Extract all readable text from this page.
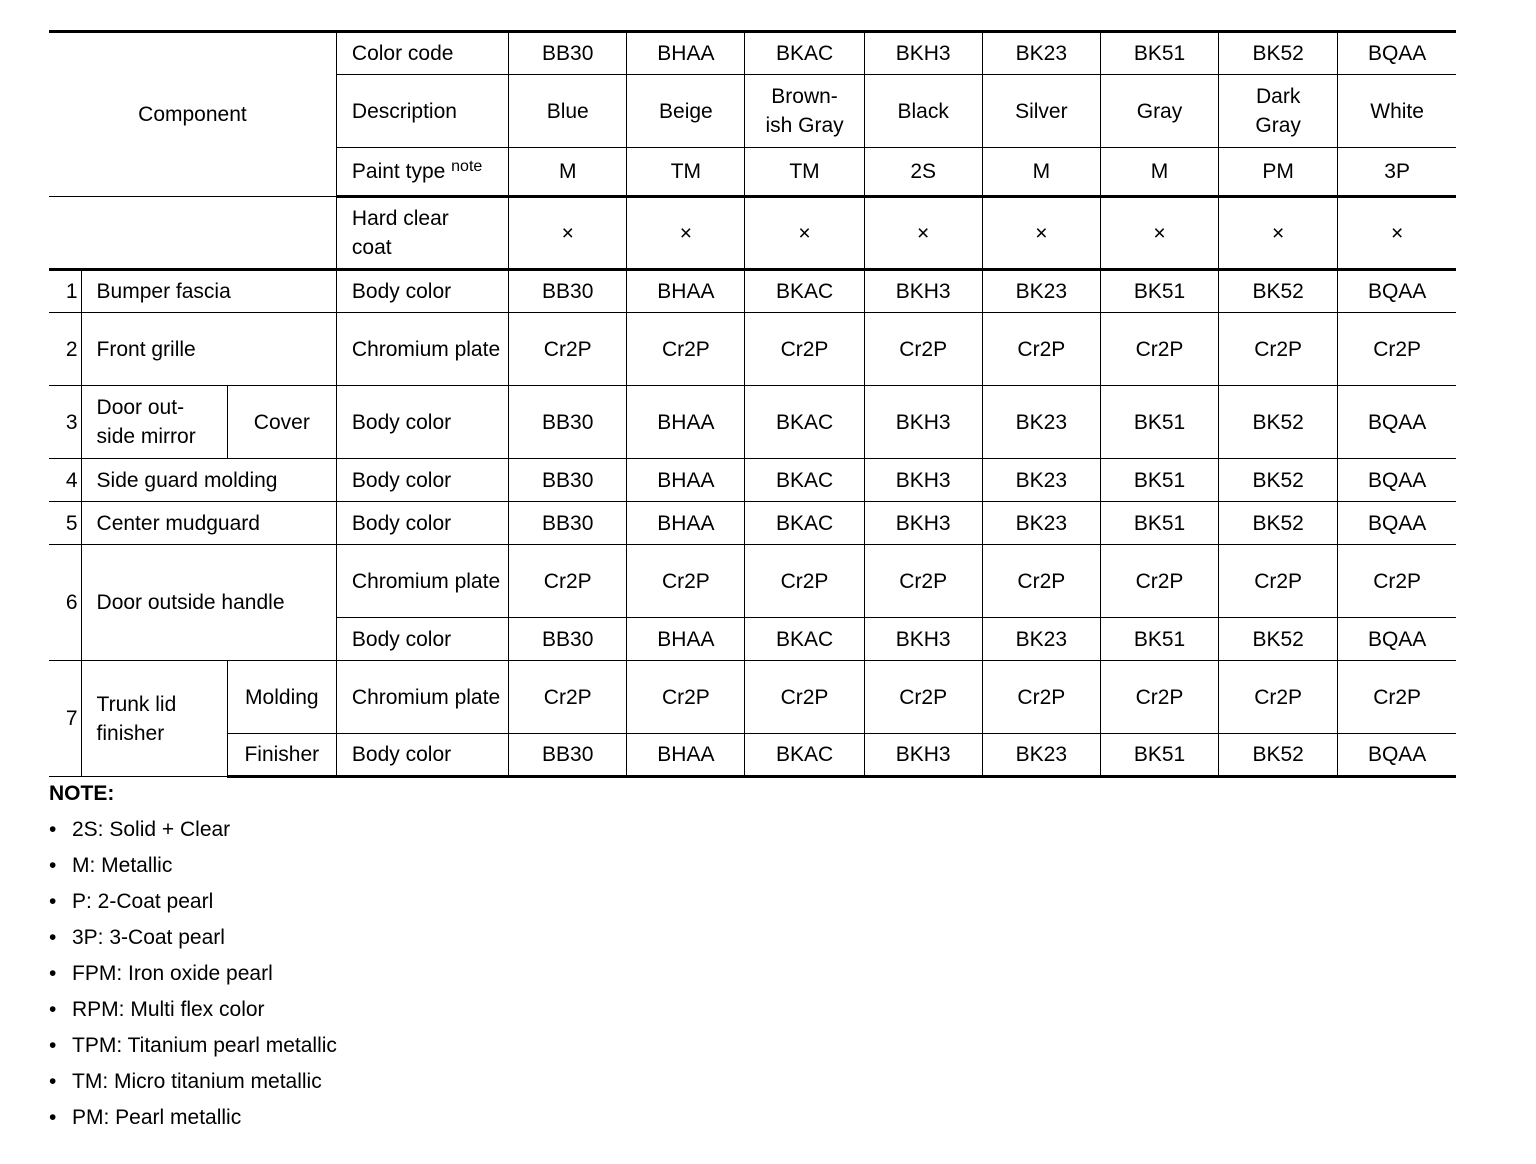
Component			Color code	BB30	BHAA	BKAC	BKH3	BK23	BK51	BK52	BQAA
			Description	Blue	Beige	Brown-ish Gray	Black	Silver	Gray	Dark Gray	White
			Paint type $^{note}$	M	TM	TM	2S	M	M	PM	3P
			Hard clear coat	×	×	×	×	×	×	×	×
1	Bumper fascia		Body color	BB30	BHAA	BKAC	BKH3	BK23	BK51	BK52	BQAA
2	Front grille		Chromium plate	Cr2P	Cr2P	Cr2P	Cr2P	Cr2P	Cr2P	Cr2P	Cr2P
3	Door out-side mirror	Cover	Body color	BB30	BHAA	BKAC	BKH3	BK23	BK51	BK52	BQAA
4	Side guard molding		Body color	BB30	BHAA	BKAC	BKH3	BK23	BK51	BK52	BQAA
5	Center mudguard		Body color	BB30	BHAA	BKAC	BKH3	BK23	BK51	BK52	BQAA
6	Door outside handle		Chromium plate	Cr2P	Cr2P	Cr2P	Cr2P	Cr2P	Cr2P	Cr2P	Cr2P
			Body color	BB30	BHAA	BKAC	BKH3	BK23	BK51	BK52	BQAA
7	Trunk lid finisher	Molding	Chromium plate	Cr2P	Cr2P	Cr2P	Cr2P	Cr2P	Cr2P	Cr2P	Cr2P
		Finisher	Body color	BB30	BHAA	BKAC	BKH3	BK23	BK51	BK52	BQAA
NOTE:
• 2S: Solid + Clear
• M: Metallic
• P: 2-Coat pearl
• 3P: 3-Coat pearl
• FPM: Iron oxide pearl
• RPM: Multi flex color
• TPM: Titanium pearl metallic
• TM: Micro titanium metallic
• PM: Pearl metallic
